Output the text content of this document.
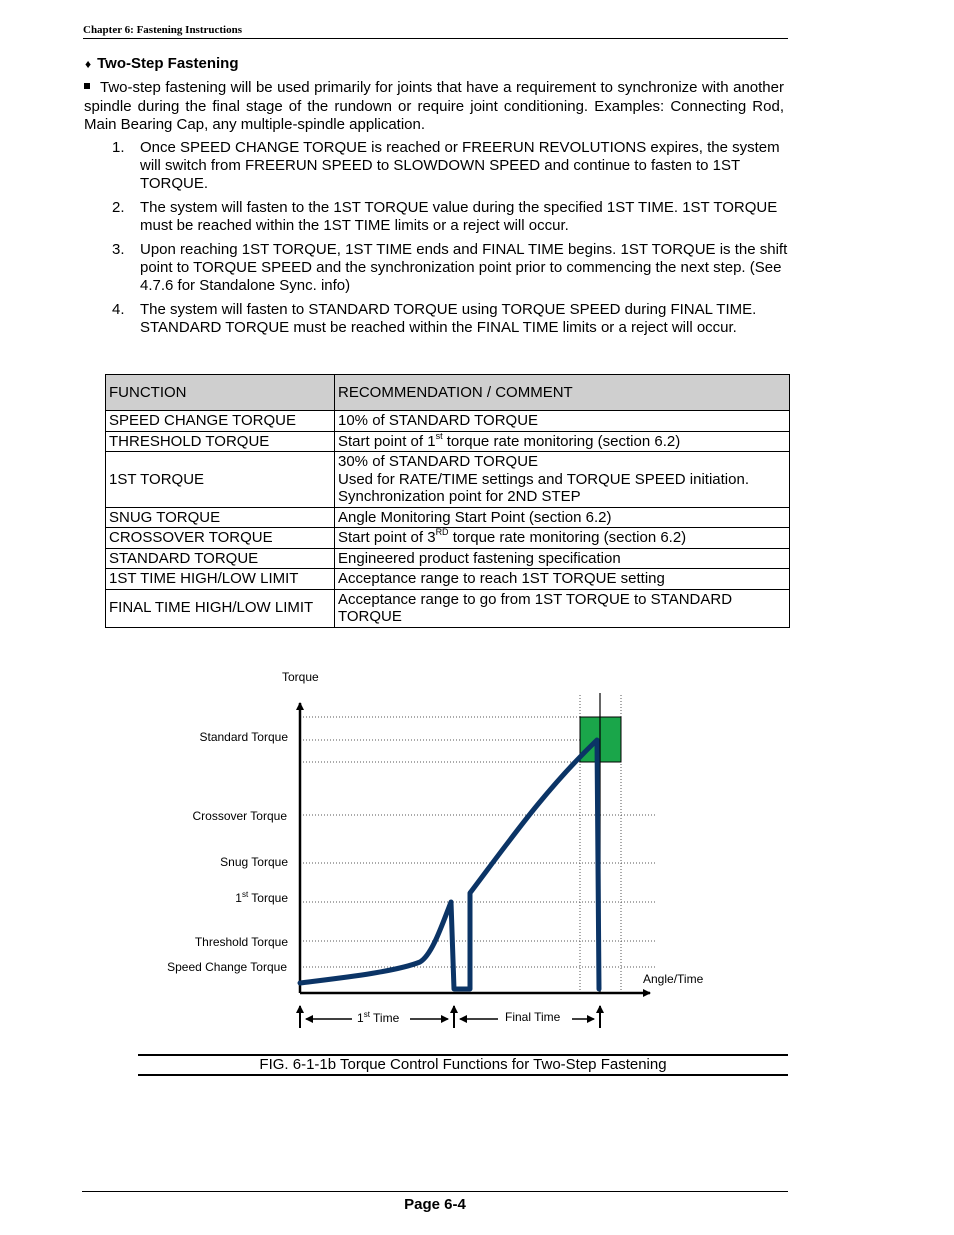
Chapter 6: Fastening Instructions
♦ Two-Step Fastening
Two-step fastening will be used primarily for joints that have a requirement to synchronize with another spindle during the final stage of the rundown or require joint conditioning. Examples: Connecting Rod, Main Bearing Cap, any multiple-spindle application.
1. Once SPEED CHANGE TORQUE is reached or FREERUN REVOLUTIONS expires, the system will switch from FREERUN SPEED to SLOWDOWN SPEED and continue to fasten to 1ST TORQUE.
2. The system will fasten to the 1ST TORQUE value during the specified 1ST TIME. 1ST TORQUE must be reached within the 1ST TIME limits or a reject will occur.
3. Upon reaching 1ST TORQUE, 1ST TIME ends and FINAL TIME begins. 1ST TORQUE is the shift point to TORQUE SPEED and the synchronization point prior to commencing the next step. (See 4.7.6 for Standalone Sync. info)
4. The system will fasten to STANDARD TORQUE using TORQUE SPEED during FINAL TIME. STANDARD TORQUE must be reached within the FINAL TIME limits or a reject will occur.
FUNCTION	RECOMMENDATION / COMMENT
SPEED CHANGE TORQUE	10% of STANDARD TORQUE
THRESHOLD TORQUE	Start point of 1st torque rate monitoring (section 6.2)
1ST TORQUE	30% of STANDARD TORQUE
Used for RATE/TIME settings and TORQUE SPEED initiation.
Synchronization point for 2ND STEP

SNUG TORQUE	Angle Monitoring Start Point (section 6.2)
CROSSOVER TORQUE	Start point of 3RD torque rate monitoring (section 6.2)
STANDARD TORQUE	Engineered product fastening specification
1ST TIME HIGH/LOW LIMIT	Acceptance range to reach 1ST TORQUE setting
FINAL TIME HIGH/LOW LIMIT	Acceptance range to go from 1ST TORQUE to STANDARD TORQUE
Torque
Angle/Time
Standard Torque
Crossover Torque
Snug Torque
1st Torque
Threshold Torque
Speed Change Torque
1st Time	Final Time
FIG. 6-1-1b Torque Control Functions for Two-Step Fastening
Page 6-4
